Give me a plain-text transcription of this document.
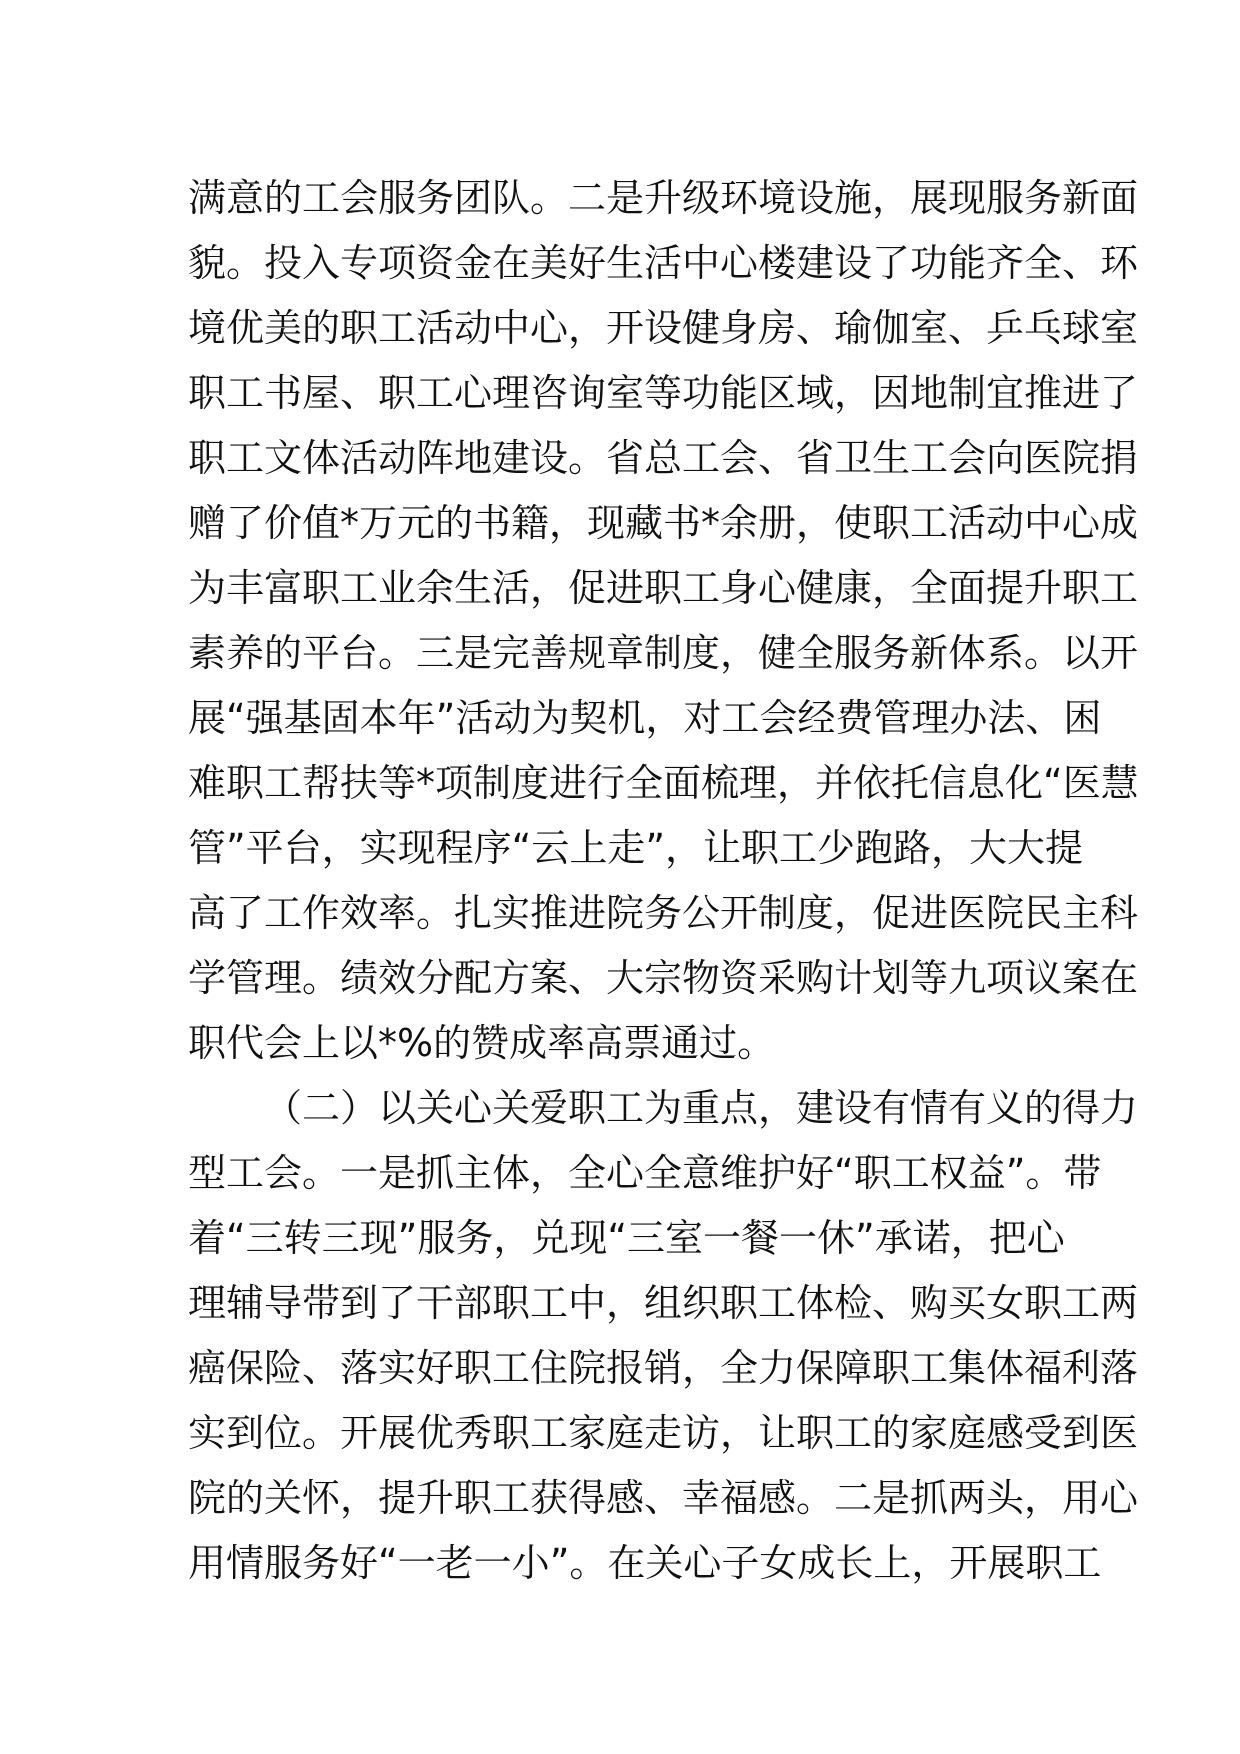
满意的工会服务团队。二是升级环境设施，展现服务新面
貌。投入专项资金在美好生活中心楼建设了功能齐全、环
境优美的职工活动中心，开设健身房、瑜伽室、乒乓球室
职工书屋、职工心理咨询室等功能区域，因地制宜推进了
职工文体活动阵地建设。省总工会、省卫生工会向医院捐
赠了价值*万元的书籍，现藏书*余册，使职工活动中心成
为丰富职工业余生活，促进职工身心健康，全面提升职工
素养的平台。三是完善规章制度，健全服务新体系。以开
展“强基固本年”活动为契机，对工会经费管理办法、困
难职工帮扶等*项制度进行全面梳理，并依托信息化“医慧
管”平台，实现程序“云上走”，让职工少跑路，大大提
高了工作效率。扎实推进院务公开制度，促进医院民主科
学管理。绩效分配方案、大宗物资采购计划等九项议案在
职代会上以*%的赞成率高票通过。
（二）以关心关爱职工为重点，建设有情有义的得力
型工会。一是抓主体，全心全意维护好“职工权益”。带
着“三转三现”服务，兑现“三室一餐一休”承诺，把心
理辅导带到了干部职工中，组织职工体检、购买女职工两
癌保险、落实好职工住院报销，全力保障职工集体福利落
实到位。开展优秀职工家庭走访，让职工的家庭感受到医
院的关怀，提升职工获得感、幸福感。二是抓两头，用心
用情服务好“一老一小”。在关心子女成长上，开展职工
